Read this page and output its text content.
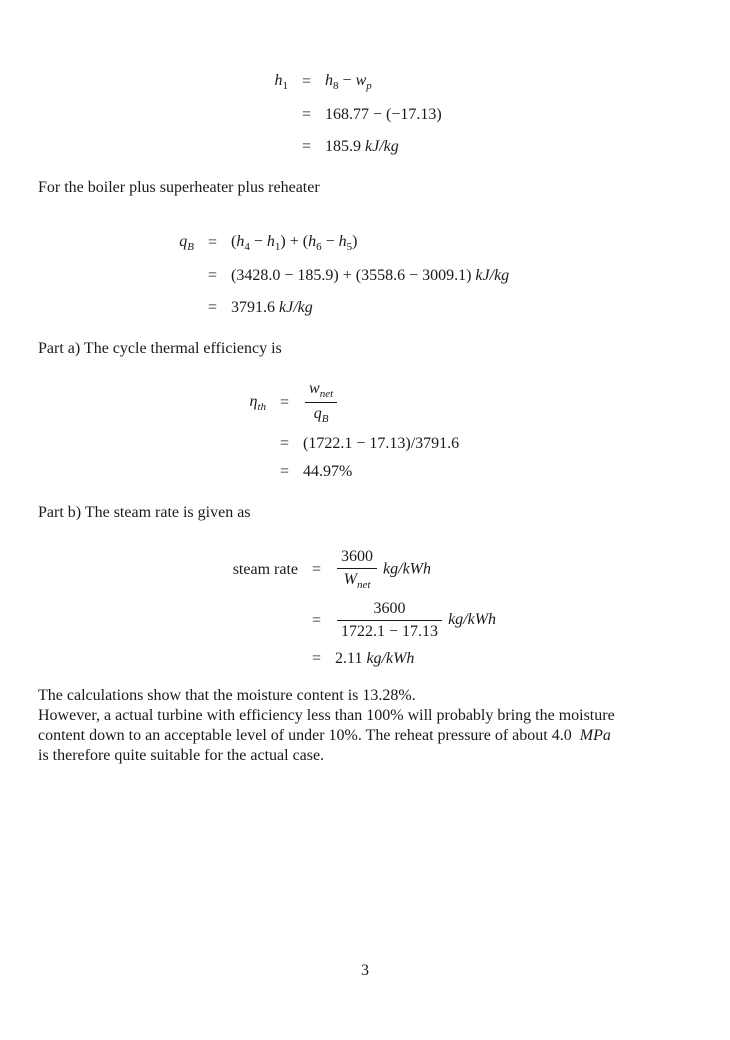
$h_1 = h_8 - w_p$
= 168.77 − (−17.13)
= 185.9 kJ/kg
For the boiler plus superheater plus reheater
$q_B = (h_4 - h_1) + (h_6 - h_5)$
= (3428.0 − 185.9) + (3558.6 − 3009.1) kJ/kg
= 3791.6 kJ/kg
Part a) The cycle thermal efficiency is
$\eta_{th} = \frac{w_{net}}{q_B}$
= (1722.1 − 17.13)/3791.6
= 44.97%
Part b) The steam rate is given as
steam rate = $\frac{3600}{W_{net}} kg/kWh$
= $\frac{3600}{1722.1 - 17.13} kg/kWh$
= 2.11 kg/kWh
The calculations show that the moisture content is 13.28%.
However, a actual turbine with efficiency less than 100% will probably bring the moisture
content down to an acceptable level of under 10%. The reheat pressure of about 4.0  MPa
is therefore quite suitable for the actual case.
3
